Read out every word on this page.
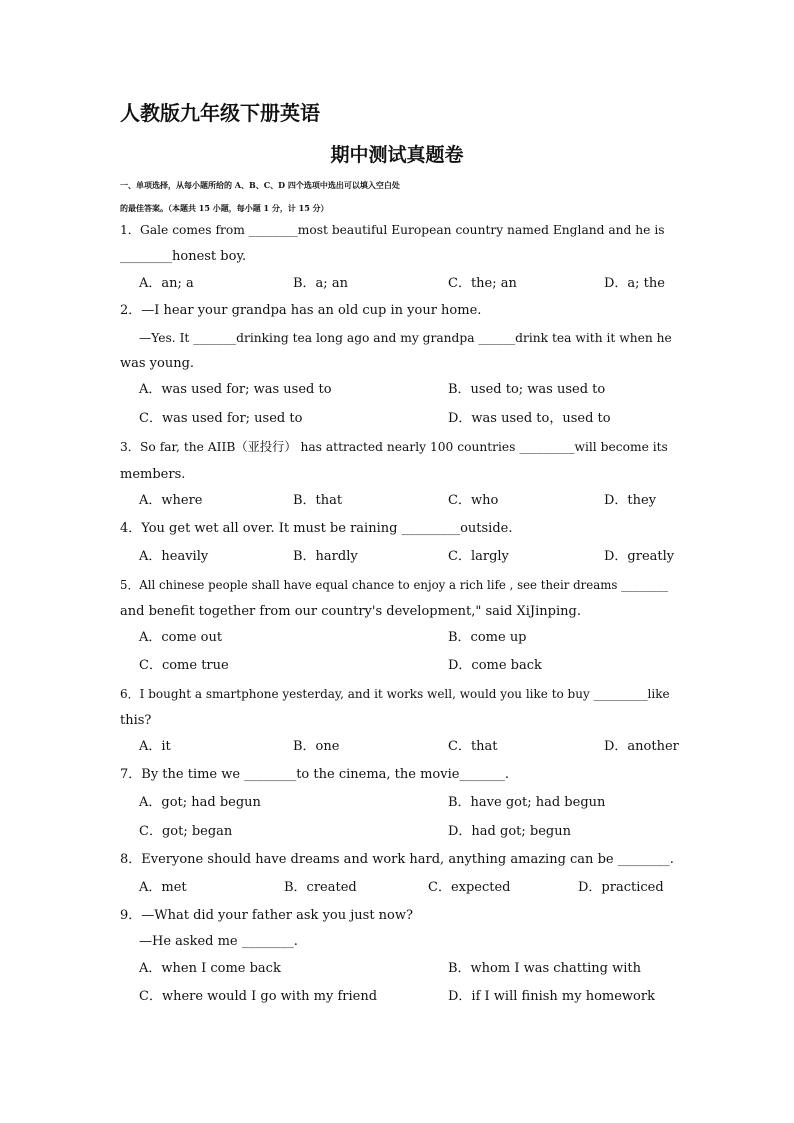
人教版九年级下册英语
期中测试真题卷
一、单项选择，从每小题所给的 A、B、C、D 四个选项中选出可以填入空白处
的最佳答案。（本题共 15 小题，每小题 1 分，计 15 分）
1．Gale comes from ________most beautiful European country named England and he is
________honest boy.
A．an; a	B．a; an	C．the; an	D．a; the
2．—I hear your grandpa has an old cup in your home.
—Yes. It _______drinking tea long ago and my grandpa ______drink tea with it when he
was young.
A．was used for; was used to	B．used to; was used to
C．was used for; used to	D．was used to，used to
3．So far, the AIIB（亚投行） has attracted nearly 100 countries _________will become its
members.
A．where	B．that	C．who	D．they
4．You get wet all over. It must be raining _________outside.
A．heavily	B．hardly	C．largly	D．greatly
5．All chinese people shall have equal chance to enjoy a rich life , see their dreams ________
and benefit together from our country's development," said XiJinping.
A．come out	B．come up
C．come true	D．come back
6．I bought a smartphone yesterday, and it works well, would you like to buy _________like
this?
A．it	B．one	C．that	D．another
7．By the time we ________to the cinema, the movie_______.
A．got; had begun	B．have got; had begun
C．got; began	D．had got; begun
8．Everyone should have dreams and work hard, anything amazing can be ________.
A．met	B．created	C．expected	D．practiced
9．—What did your father ask you just now?
—He asked me ________.
A．when I come back	B．whom I was chatting with
C．where would I go with my friend	D．if I will finish my homework
